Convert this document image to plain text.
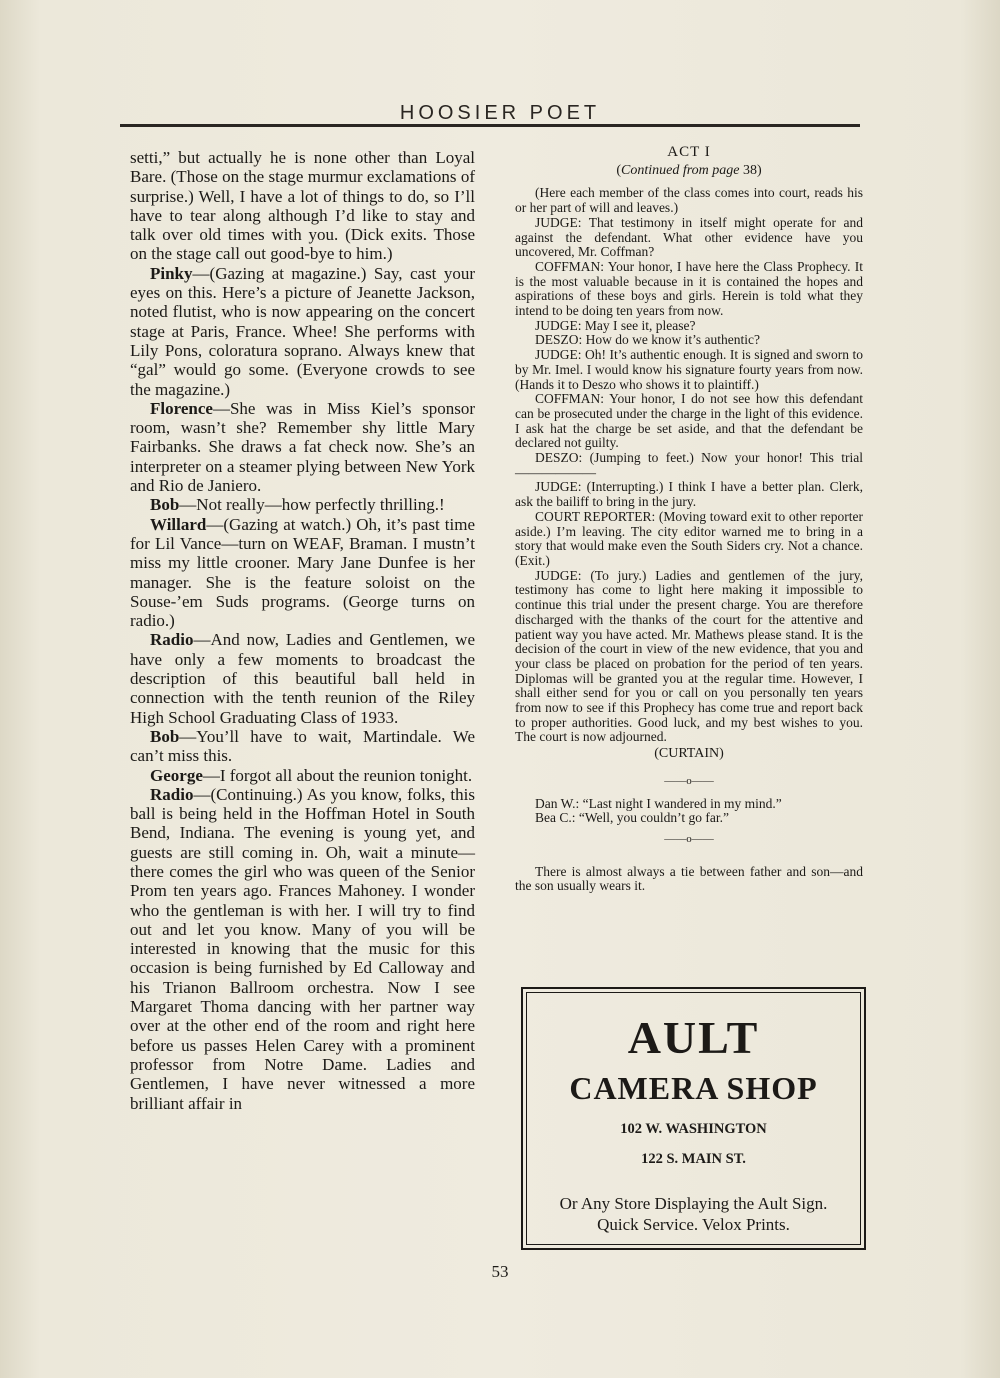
HOOSIER POET

setti,” but actually he is none other than Loyal Bare. (Those on the stage murmur exclamations of surprise.) Well, I have a lot of things to do, so I’ll have to tear along although I’d like to stay and talk over old times with you. (Dick exits. Those on the stage call out good-bye to him.)

Pinky—(Gazing at magazine.) Say, cast your eyes on this. Here’s a picture of Jeanette Jackson, noted flutist, who is now appearing on the concert stage at Paris, France. Whee! She performs with Lily Pons, coloratura soprano. Always knew that “gal” would go some. (Everyone crowds to see the magazine.)

Florence—She was in Miss Kiel’s sponsor room, wasn’t she? Remember shy little Mary Fairbanks. She draws a fat check now. She’s an interpreter on a steamer plying between New York and Rio de Janiero.

Bob—Not really—how perfectly thrilling.!

Willard—(Gazing at watch.) Oh, it’s past time for Lil Vance—turn on WEAF, Braman. I mustn’t miss my little crooner. Mary Jane Dunfee is her manager. She is the feature soloist on the Souse-’em Suds programs. (George turns on radio.)

Radio—And now, Ladies and Gentlemen, we have only a few moments to broadcast the description of this beautiful ball held in connection with the tenth reunion of the Riley High School Graduating Class of 1933.

Bob—You’ll have to wait, Martindale. We can’t miss this.

George—I forgot all about the reunion tonight.

Radio—(Continuing.) As you know, folks, this ball is being held in the Hoffman Hotel in South Bend, Indiana. The evening is young yet, and guests are still coming in. Oh, wait a minute—there comes the girl who was queen of the Senior Prom ten years ago. Frances Mahoney. I wonder who the gentleman is with her. I will try to find out and let you know. Many of you will be interested in knowing that the music for this occasion is being furnished by Ed Calloway and his Trianon Ballroom orchestra. Now I see Margaret Thoma dancing with her partner way over at the other end of the room and right here before us passes Helen Carey with a prominent professor from Notre Dame. Ladies and Gentlemen, I have never witnessed a more brilliant affair in

ACT I
(Continued from page 38)

(Here each member of the class comes into court, reads his or her part of will and leaves.)

JUDGE: That testimony in itself might operate for and against the defendant. What other evidence have you uncovered, Mr. Coffman?

COFFMAN: Your honor, I have here the Class Prophecy. It is the most valuable because in it is contained the hopes and aspirations of these boys and girls. Herein is told what they intend to be doing ten years from now.

JUDGE: May I see it, please?

DESZO: How do we know it’s authentic?

JUDGE: Oh! It’s authentic enough. It is signed and sworn to by Mr. Imel. I would know his signature fourty years from now. (Hands it to Deszo who shows it to plaintiff.)

COFFMAN: Your honor, I do not see how this defendant can be prosecuted under the charge in the light of this evidence. I ask hat the charge be set aside, and that the defendant be declared not guilty.

DESZO: (Jumping to feet.) Now your honor! This trial——————

JUDGE: (Interrupting.) I think I have a better plan. Clerk, ask the bailiff to bring in the jury.

COURT REPORTER: (Moving toward exit to other reporter aside.) I’m leaving. The city editor warned me to bring in a story that would make even the South Siders cry. Not a chance. (Exit.)

JUDGE: (To jury.) Ladies and gentlemen of the jury, testimony has come to light here making it impossible to continue this trial under the present charge. You are therefore discharged with the thanks of the court for the attentive and patient way you have acted. Mr. Mathews please stand. It is the decision of the court in view of the new evidence, that you and your class be placed on probation for the period of ten years. Diplomas will be granted you at the regular time. However, I shall either send for you or call on you personally ten years from now to see if this Prophecy has come true and report back to proper authorities. Good luck, and my best wishes to you. The court is now adjourned.

(CURTAIN)
——o——

Dan W.: “Last night I wandered in my mind.”

Bea C.: “Well, you couldn’t go far.”

——o——

There is almost always a tie between father and son—and the son usually wears it.

AULT
CAMERA SHOP
102 W. WASHINGTON
122 S. MAIN ST.
Or Any Store Displaying the Ault Sign. Quick Service. Velox Prints.
53
